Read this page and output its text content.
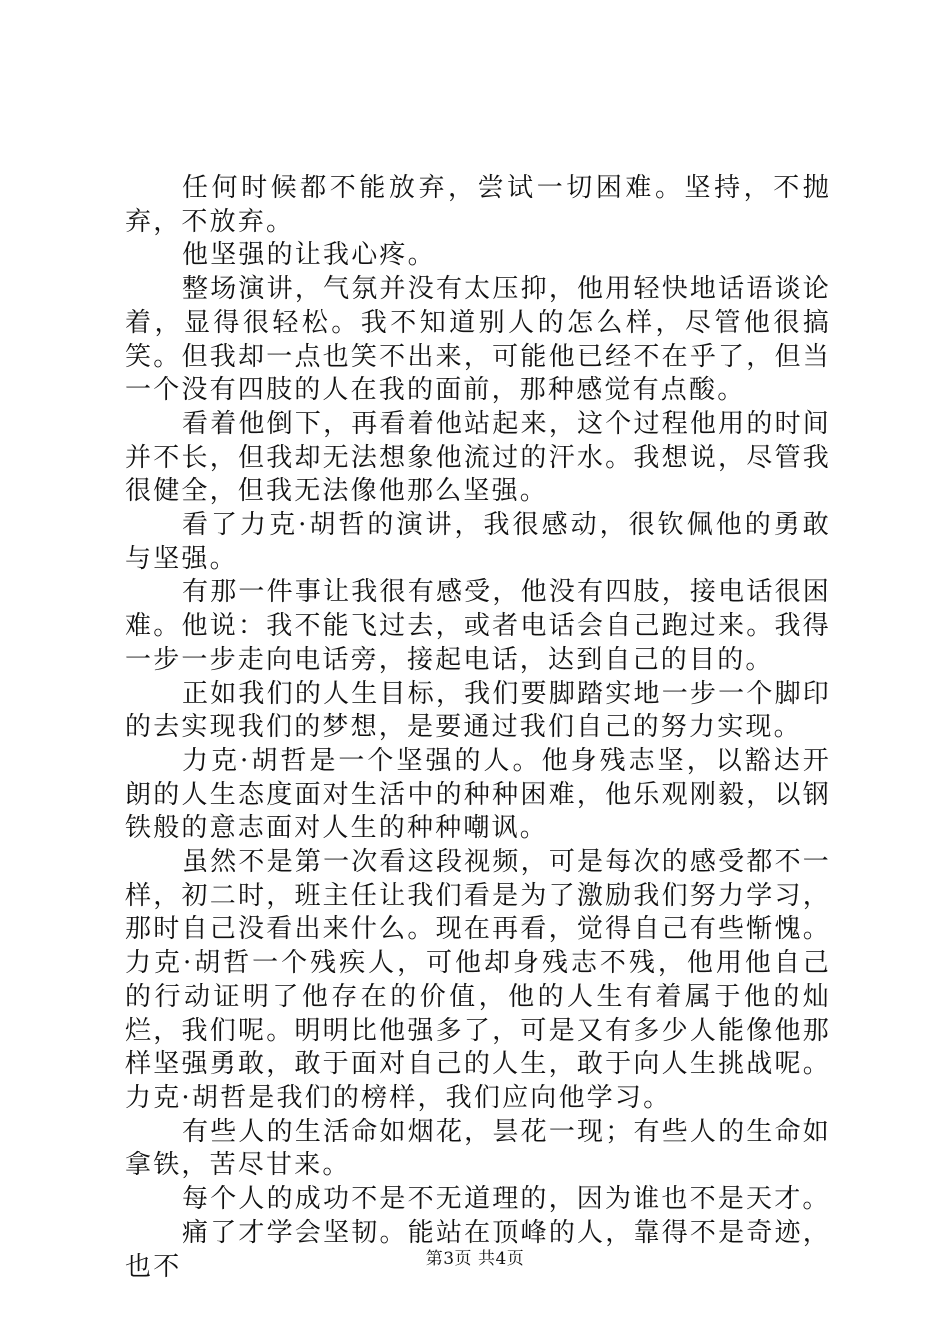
任何时候都不能放弃，尝试一切困难。坚持，不抛弃，不放弃。

他坚强的让我心疼。

整场演讲，气氛并没有太压抑，他用轻快地话语谈论着，显得很轻松。我不知道别人的怎么样，尽管他很搞笑。但我却一点也笑不出来，可能他已经不在乎了，但当一个没有四肢的人在我的面前，那种感觉有点酸。

看着他倒下，再看着他站起来，这个过程他用的时间并不长，但我却无法想象他流过的汗水。我想说，尽管我很健全，但我无法像他那么坚强。

看了力克·胡哲的演讲，我很感动，很钦佩他的勇敢与坚强。

有那一件事让我很有感受，他没有四肢，接电话很困难。他说：我不能飞过去，或者电话会自己跑过来。我得一步一步走向电话旁，接起电话，达到自己的目的。

正如我们的人生目标，我们要脚踏实地一步一个脚印的去实现我们的梦想，是要通过我们自己的努力实现。

力克·胡哲是一个坚强的人。他身残志坚，以豁达开朗的人生态度面对生活中的种种困难，他乐观刚毅，以钢铁般的意志面对人生的种种嘲讽。

虽然不是第一次看这段视频，可是每次的感受都不一样，初二时，班主任让我们看是为了激励我们努力学习，那时自己没看出来什么。现在再看，觉得自己有些惭愧。力克·胡哲一个残疾人，可他却身残志不残，他用他自己的行动证明了他存在的价值，他的人生有着属于他的灿烂，我们呢。明明比他强多了，可是又有多少人能像他那样坚强勇敢，敢于面对自己的人生，敢于向人生挑战呢。力克·胡哲是我们的榜样，我们应向他学习。

有些人的生活命如烟花，昙花一现；有些人的生命如拿铁，苦尽甘来。

每个人的成功不是不无道理的，因为谁也不是天才。

痛了才学会坚韧。能站在顶峰的人，靠得不是奇迹，也不	第3页 共4页
